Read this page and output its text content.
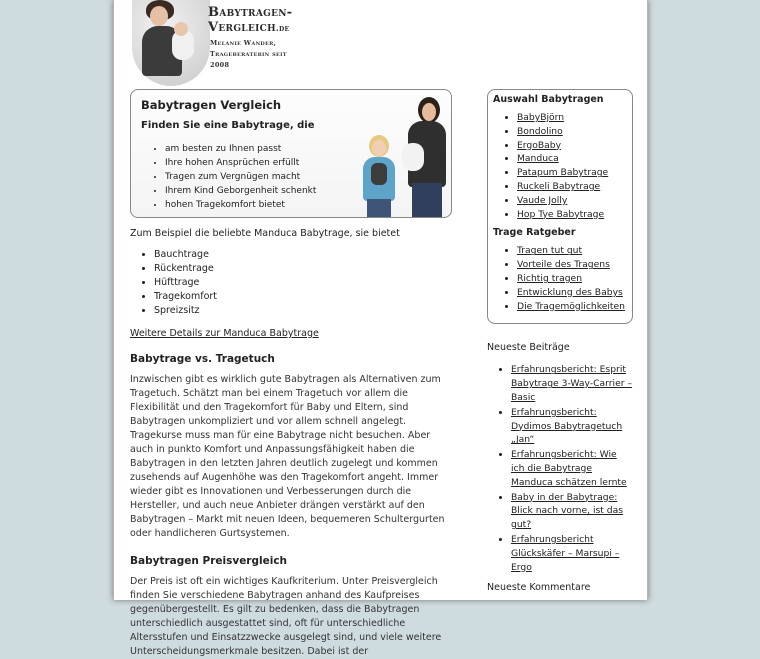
Babytragen-
Vergleich.de
Melanie Wander,
Trageberaterin seit
2008
Babytragen Vergleich
Finden Sie eine Babytrage, die
• am besten zu Ihnen passt
• Ihre hohen Ansprüchen erfüllt
• Tragen zum Vergnügen macht
• Ihrem Kind Geborgenheit schenkt
• hohen Tragekomfort bietet

Zum Beispiel die beliebte Manduca Babytrage, sie bietet

• Bauchtrage
• Rückentrage
• Hüfttrage
• Tragekomfort
• Spreizsitz
Weitere Details zur Manduca Babytrage
Babytrage vs. Tragetuch

Inzwischen gibt es wirklich gute Babytragen als Alternativen zum Tragetuch. Schätzt man bei einem Tragetuch vor allem die Flexibilität und den Tragekomfort für Baby und Eltern, sind Babytragen unkompliziert und vor allem schnell angelegt. Tragekurse muss man für eine Babytrage nicht besuchen. Aber auch in punkto Komfort und Anpassungsfähigkeit haben die Babytragen in den letzten Jahren deutlich zugelegt und kommen zusehends auf Augenhöhe was den Tragekomfort angeht. Immer wieder gibt es Innovationen und Verbesserungen durch die Hersteller, und auch neue Anbieter drängen verstärkt auf den Babytragen – Markt mit neuen Ideen, bequemeren Schultergurten oder handlicheren Gurtsystemen.

Babytragen Preisvergleich

Der Preis ist oft ein wichtiges Kaufkriterium. Unter Preisvergleich finden Sie verschiedene Babytragen anhand des Kaufpreises gegenübergestellt. Es gilt zu bedenken, dass die Babytragen unterschiedlich ausgestattet sind, oft für unterschiedliche Altersstufen und Einsatzzwecke ausgelegt sind, und viele weitere Unterscheidungsmerkmale besitzen. Dabei ist der

Auswahl Babytragen
• BabyBjörn
• Bondolino
• ErgoBaby
• Manduca
• Patapum Babytrage
• Ruckeli Babytrage
• Vaude Jolly
• Hop Tye Babytrage
Trage Ratgeber
• Tragen tut gut
• Vorteile des Tragens
• Richtig tragen
• Entwicklung des Babys
• Die Tragemöglichkeiten
Neueste Beiträge
• Erfahrungsbericht: Esprit Babytrage 3-Way-Carrier – Basic
• Erfahrungsbericht: Dydimos Babytragetuch „Jan“
• Erfahrungsbericht: Wie ich die Babytrage Manduca schätzen lernte
• Baby in der Babytrage: Blick nach vorne, ist das gut?
• Erfahrungsbericht Glückskäfer – Marsupi – Ergo
Neueste Kommentare
